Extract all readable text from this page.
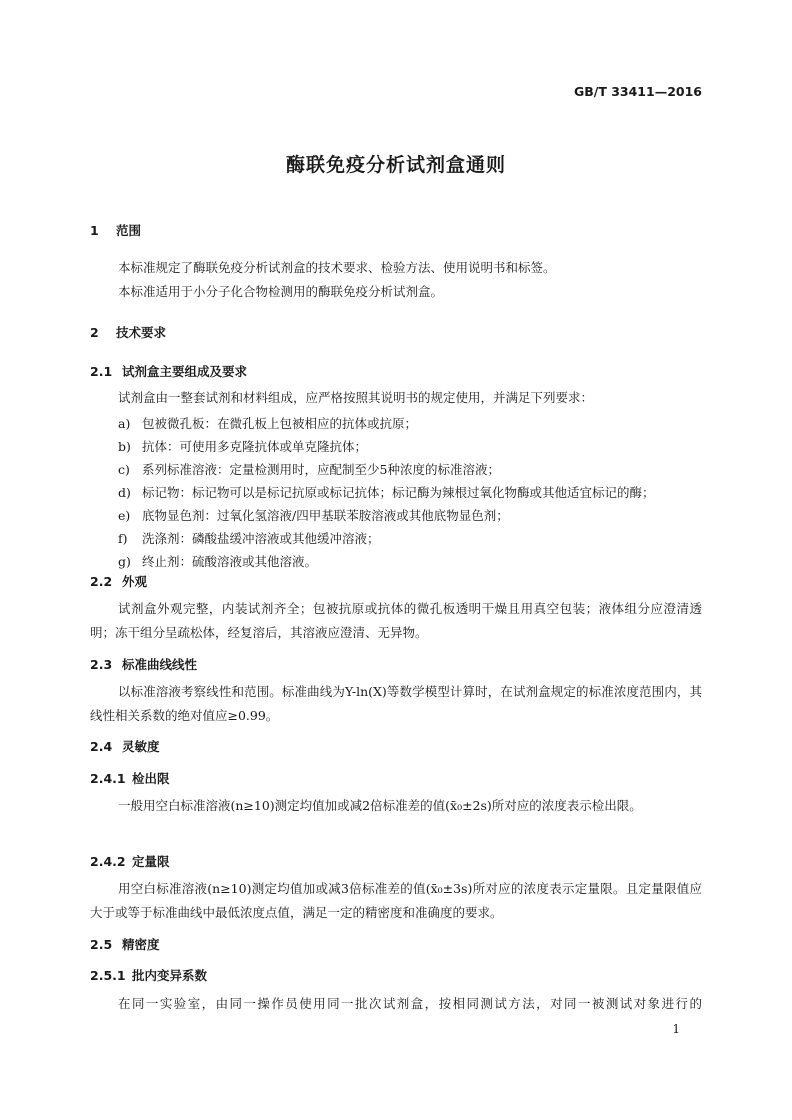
GB/T 33411—2016
酶联免疫分析试剂盒通则
1 范围
本标准规定了酶联免疫分析试剂盒的技术要求、检验方法、使用说明书和标签。
本标准适用于小分子化合物检测用的酶联免疫分析试剂盒。
2 技术要求
2.1 试剂盒主要组成及要求
试剂盒由一整套试剂和材料组成，应严格按照其说明书的规定使用，并满足下列要求：
a) 包被微孔板：在微孔板上包被相应的抗体或抗原；
b) 抗体：可使用多克隆抗体或单克隆抗体；
c) 系列标准溶液：定量检测用时，应配制至少5种浓度的标准溶液；
d) 标记物：标记物可以是标记抗原或标记抗体；标记酶为辣根过氧化物酶或其他适宜标记的酶；
e) 底物显色剂：过氧化氢溶液/四甲基联苯胺溶液或其他底物显色剂；
f) 洗涤剂：磷酸盐缓冲溶液或其他缓冲溶液；
g) 终止剂：硫酸溶液或其他溶液。
2.2 外观
试剂盒外观完整，内装试剂齐全；包被抗原或抗体的微孔板透明干燥且用真空包装；液体组分应澄清透明；冻干组分呈疏松体，经复溶后，其溶液应澄清、无异物。
2.3 标准曲线线性
以标准溶液考察线性和范围。标准曲线为Y-ln(X)等数学模型计算时，在试剂盒规定的标准浓度范围内，其线性相关系数的绝对值应≥0.99。
2.4 灵敏度
2.4.1 检出限
一般用空白标准溶液(n≥10)测定均值加或减2倍标准差的值(x̄₀±2s)所对应的浓度表示检出限。
2.4.2 定量限
用空白标准溶液(n≥10)测定均值加或减3倍标准差的值(x̄₀±3s)所对应的浓度表示定量限。且定量限值应大于或等于标准曲线中最低浓度点值，满足一定的精密度和准确度的要求。
2.5 精密度
2.5.1 批内变异系数
在同一实验室，由同一操作员使用同一批次试剂盒，按相同测试方法，对同一被测试对象进行的
1
